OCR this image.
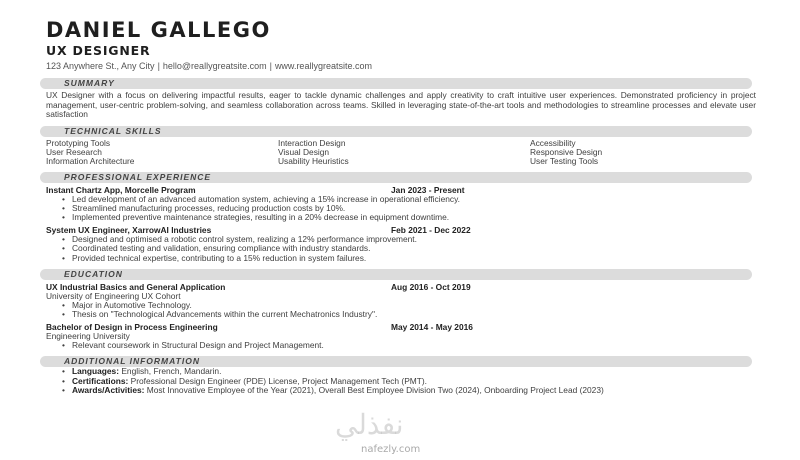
DANIEL GALLEGO
UX DESIGNER
123 Anywhere St., Any City | hello@reallygreatsite.com | www.reallygreatsite.com
SUMMARY
UX Designer with a focus on delivering impactful results, eager to tackle dynamic challenges and apply creativity to craft intuitive user experiences. Demonstrated proficiency in project management, user-centric problem-solving, and seamless collaboration across teams. Skilled in leveraging state-of-the-art tools and methodologies to streamline processes and elevate user satisfaction
TECHNICAL SKILLS
Prototyping Tools	Interaction Design	Accessibility
User Research	Visual Design	Responsive Design
Information Architecture	Usability Heuristics	User Testing Tools
PROFESSIONAL EXPERIENCE
Instant Chartz App, Morcelle Program	Jan 2023 - Present
• Led development of an advanced automation system, achieving a 15% increase in operational efficiency.
• Streamlined manufacturing processes, reducing production costs by 10%.
• Implemented preventive maintenance strategies, resulting in a 20% decrease in equipment downtime.
System UX Engineer, XarrowAI Industries	Feb 2021 - Dec 2022
• Designed and optimised a robotic control system, realizing a 12% performance improvement.
• Coordinated testing and validation, ensuring compliance with industry standards.
• Provided technical expertise, contributing to a 15% reduction in system failures.
EDUCATION
UX Industrial Basics and General Application	Aug 2016 - Oct 2019
University of Engineering UX Cohort
• Major in Automotive Technology.
• Thesis on "Technological Advancements within the current Mechatronics Industry".
Bachelor of Design in Process Engineering	May 2014 - May 2016
Engineering University
• Relevant coursework in Structural Design and Project Management.
ADDITIONAL INFORMATION
• Languages: English, French, Mandarin.
• Certifications: Professional Design Engineer (PDE) License, Project Management Tech (PMT).
• Awards/Activities: Most Innovative Employee of the Year (2021), Overall Best Employee Division Two (2024), Onboarding Project Lead (2023)
نفذلي
nafezly.com
